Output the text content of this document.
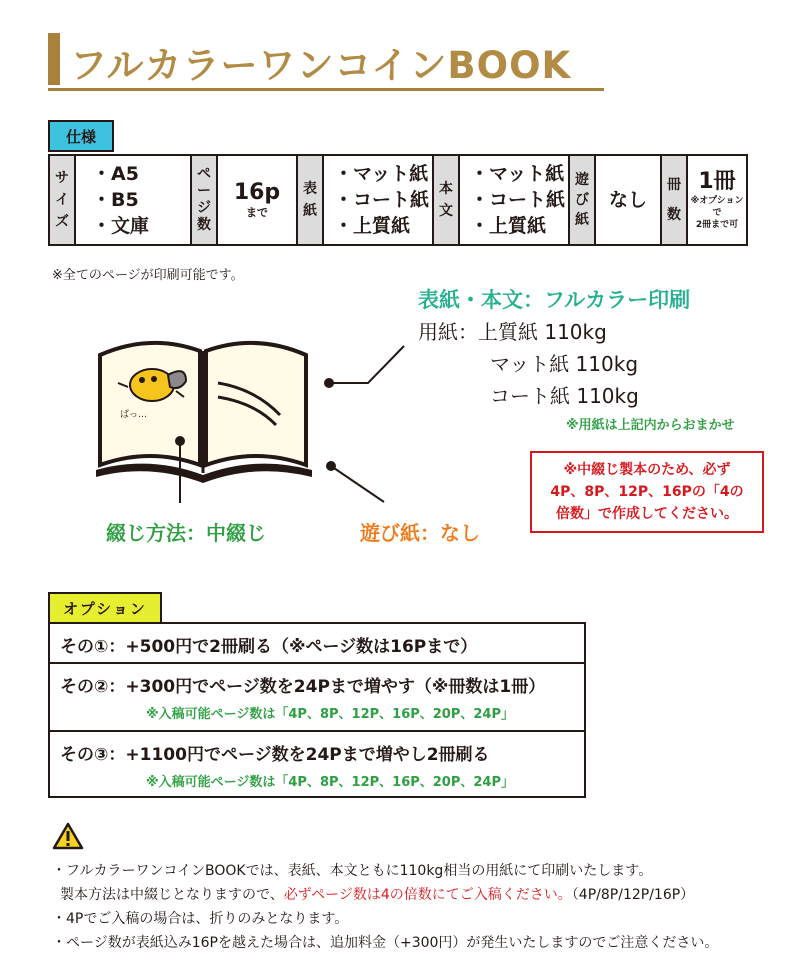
フルカラーワンコインBOOK
仕様
サ
イ
ズ
・A5
・B5
・文庫
ペ
ー
ジ
数
16p
まで
表
紙
・マット紙
・コート紙
・上質紙
本
文
・マット紙
・コート紙
・上質紙
遊
び
紙
なし
冊
数
1冊
※オプションで
2冊まで可
※全てのページが印刷可能です。
ぱっ…
表紙・本文：フルカラー印刷
用紙：上質紙 110kg
マット紙 110kg
コート紙 110kg
※用紙は上記内からおまかせ
※中綴じ製本のため、必ず
4P、8P、12P、16Pの「4の
倍数」で作成してください。
綴じ方法：中綴じ	遊び紙：なし
オプション
その①：+500円で2冊刷る（※ページ数は16Pまで）
その②：+300円でページ数を24Pまで増やす（※冊数は1冊）
※入稿可能ページ数は「4P、8P、12P、16P、20P、24P」
その③：+1100円でページ数を24Pまで増やし2冊刷る
※入稿可能ページ数は「4P、8P、12P、16P、20P、24P」
・フルカラーワンコインBOOKでは、表紙、本文ともに110kg相当の用紙にて印刷いたします。
製本方法は中綴じとなりますので、必ずページ数は4の倍数にてご入稿ください。（4P/8P/12P/16P）
・4Pでご入稿の場合は、折りのみとなります。
・ページ数が表紙込み16Pを越えた場合は、追加料金（+300円）が発生いたしますのでご注意ください。
